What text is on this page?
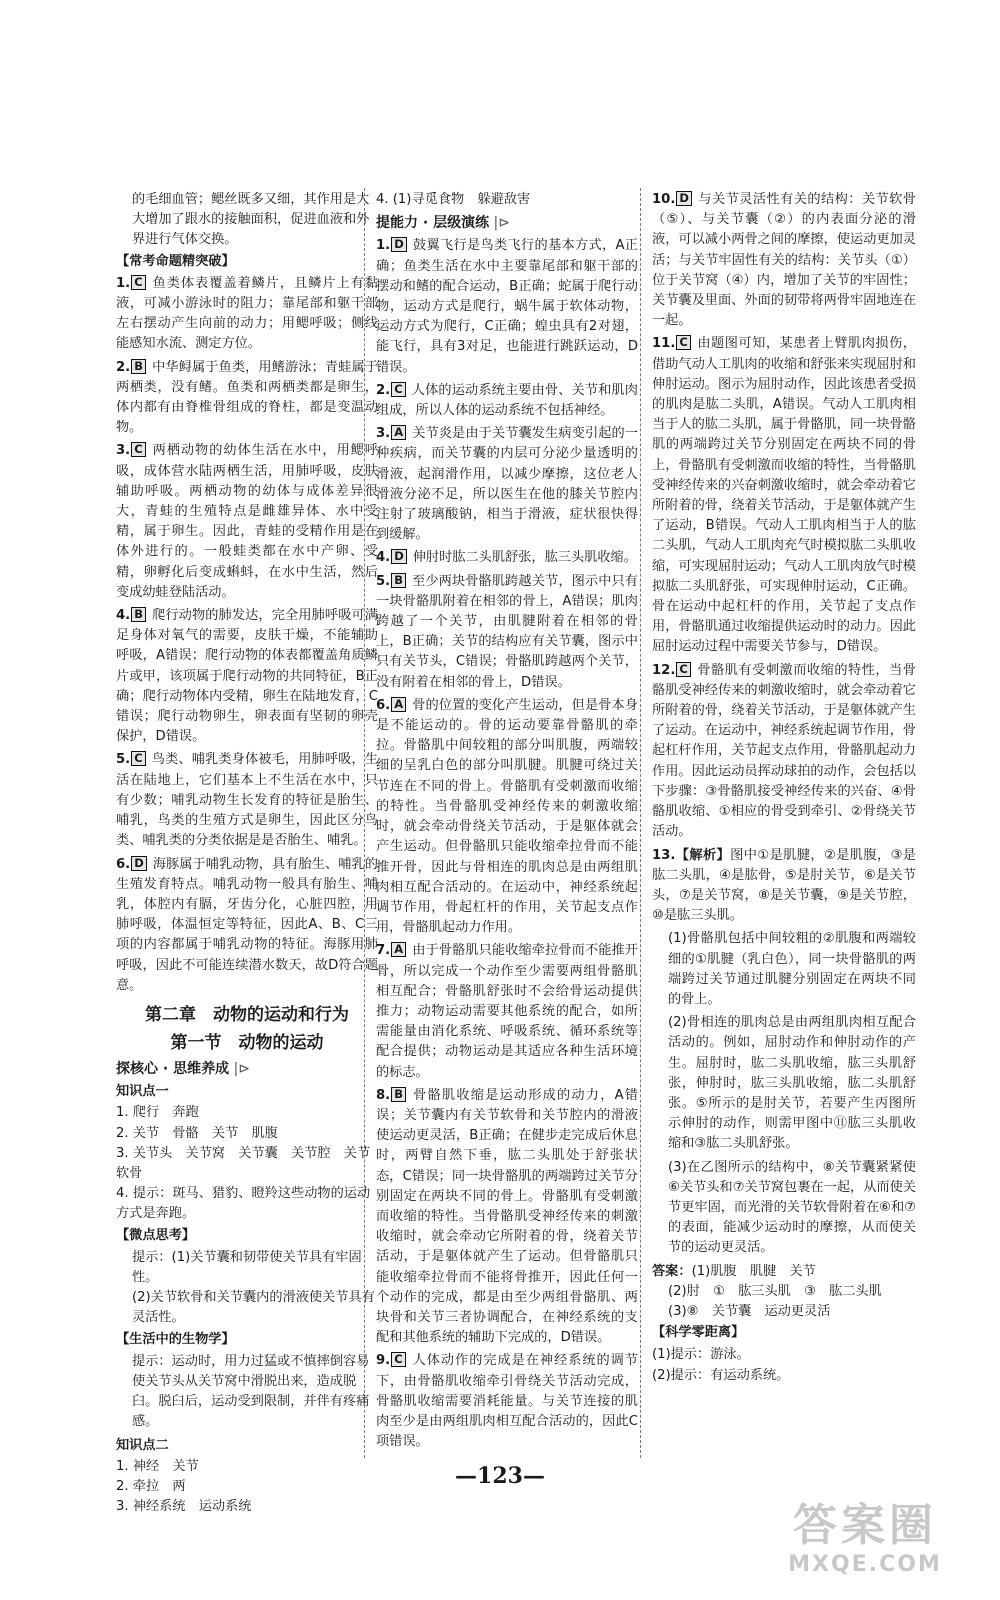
的毛细血管；鳃丝既多又细，其作用是大

大增加了跟水的接触面积，促进血液和外

界进行气体交换。

【常考命题精突破】

1. C 鱼类体表覆盖着鳞片，且鳞片上有黏液，可减小游泳时的阻力；靠尾部和躯干部左右摆动产生向前的动力；用鳃呼吸；侧线能感知水流、测定方位。

2. B 中华鲟属于鱼类，用鳍游泳；青蛙属于两栖类，没有鳍。鱼类和两栖类都是卵生，体内都有由脊椎骨组成的脊柱，都是变温动物。

3. C 两栖动物的幼体生活在水中，用鳃呼吸，成体营水陆两栖生活，用肺呼吸，皮肤辅助呼吸。两栖动物的幼体与成体差异很大，青蛙的生殖特点是雌雄异体、水中受精，属于卵生。因此，青蛙的受精作用是在体外进行的。一般蛙类都在水中产卵、受精，卵孵化后变成蝌蚪，在水中生活，然后变成幼蛙登陆活动。

4. B 爬行动物的肺发达，完全用肺呼吸可满足身体对氧气的需要，皮肤干燥，不能辅助呼吸，A错误；爬行动物的体表都覆盖角质鳞片或甲，该项属于爬行动物的共同特征，B正确；爬行动物体内受精，卵生在陆地发育，C错误；爬行动物卵生，卵表面有坚韧的卵壳保护，D错误。

5. C 鸟类、哺乳类身体被毛，用肺呼吸，生活在陆地上，它们基本上不生活在水中，只有少数；哺乳动物生长发育的特征是胎生、哺乳，鸟类的生殖方式是卵生，因此区分鸟类、哺乳类的分类依据是是否胎生、哺乳。

6. D 海豚属于哺乳动物，具有胎生、哺乳的生殖发育特点。哺乳动物一般具有胎生、哺乳，体腔内有膈，牙齿分化，心脏四腔，用肺呼吸，体温恒定等特征，因此A、B、C三项的内容都属于哺乳动物的特征。海豚用肺呼吸，因此不可能连续潜水数天，故D符合题意。

第二章　动物的运动和行为

第一节　动物的运动

探核心 · 思维养成 |⊳

知识点一

1. 爬行　奔跑

2. 关节　骨骼　关节　肌腹

3. 关节头　关节窝　关节囊　关节腔　关节软骨

4. 提示：斑马、猎豹、瞪羚这些动物的运动方式是奔跑。

【微点思考】

提示：(1)关节囊和韧带使关节具有牢固性。

(2)关节软骨和关节囊内的滑液使关节具有灵活性。

【生活中的生物学】

提示：运动时，用力过猛或不慎摔倒容易使关节头从关节窝中滑脱出来，造成脱臼。脱臼后，运动受到限制，并伴有疼痛感。

知识点二

1. 神经　关节

2. 牵拉　两

3. 神经系统　运动系统

4. (1)寻觅食物　躲避敌害

提能力 · 层级演练 |⊳

1. D 鼓翼飞行是鸟类飞行的基本方式，A正确；鱼类生活在水中主要靠尾部和躯干部的摆动和鳍的配合运动，B正确；蛇属于爬行动物，运动方式是爬行，蜗牛属于软体动物，运动方式为爬行，C正确；蝗虫具有2对翅，能飞行，具有3对足，也能进行跳跃运动，D错误。

2. C 人体的运动系统主要由骨、关节和肌肉组成，所以人体的运动系统不包括神经。

3. A 关节炎是由于关节囊发生病变引起的一种疾病，而关节囊的内层可分泌少量透明的滑液，起润滑作用，以减少摩擦，这位老人滑液分泌不足，所以医生在他的膝关节腔内注射了玻璃酸钠，相当于滑液，症状很快得到缓解。

4. D 伸肘时肱二头肌舒张，肱三头肌收缩。

5. B 至少两块骨骼肌跨越关节，图示中只有一块骨骼肌附着在相邻的骨上，A错误；肌肉跨越了一个关节，由肌腱附着在相邻的骨上，B正确；关节的结构应有关节囊，图示中只有关节头，C错误；骨骼肌跨越两个关节，没有附着在相邻的骨上，D错误。

6. A 骨的位置的变化产生运动，但是骨本身是不能运动的。骨的运动要靠骨骼肌的牵拉。骨骼肌中间较粗的部分叫肌腹，两端较细的呈乳白色的部分叫肌腱。肌腱可绕过关节连在不同的骨上。骨骼肌有受刺激而收缩的特性。当骨骼肌受神经传来的刺激收缩时，就会牵动骨绕关节活动，于是躯体就会产生运动。但骨骼肌只能收缩牵拉骨而不能推开骨，因此与骨相连的肌肉总是由两组肌肉相互配合活动的。在运动中，神经系统起调节作用，骨起杠杆的作用，关节起支点作用，骨骼肌起动力作用。

7. A 由于骨骼肌只能收缩牵拉骨而不能推开骨，所以完成一个动作至少需要两组骨骼肌相互配合；骨骼肌舒张时不会给骨运动提供推力；动物运动需要其他系统的配合，如所需能量由消化系统、呼吸系统、循环系统等配合提供；动物运动是其适应各种生活环境的标志。

8. B 骨骼肌收缩是运动形成的动力，A错误；关节囊内有关节软骨和关节腔内的滑液使运动更灵活，B正确；在健步走完成后休息时，两臂自然下垂，肱二头肌处于舒张状态，C错误；同一块骨骼肌的两端跨过关节分别固定在两块不同的骨上。骨骼肌有受刺激而收缩的特性。当骨骼肌受神经传来的刺激收缩时，就会牵动它所附着的骨，绕着关节活动，于是躯体就产生了运动。但骨骼肌只能收缩牵拉骨而不能将骨推开，因此任何一个动作的完成，都是由至少两组骨骼肌、两块骨和关节三者协调配合，在神经系统的支配和其他系统的辅助下完成的，D错误。

9. C 人体动作的完成是在神经系统的调节下，由骨骼肌收缩牵引骨绕关节活动完成，骨骼肌收缩需要消耗能量。与关节连接的肌肉至少是由两组肌肉相互配合活动的，因此C项错误。

10. D 与关节灵活性有关的结构：关节软骨（⑤）、与关节囊（②）的内表面分泌的滑液，可以减小两骨之间的摩擦，使运动更加灵活；与关节牢固性有关的结构：关节头（①）位于关节窝（④）内，增加了关节的牢固性；关节囊及里面、外面的韧带将两骨牢固地连在一起。

11. C 由题图可知，某患者上臂肌肉损伤，借助气动人工肌肉的收缩和舒张来实现屈肘和伸肘运动。图示为屈肘动作，因此该患者受损的肌肉是肱二头肌，A错误。气动人工肌肉相当于人的肱二头肌，属于骨骼肌，同一块骨骼肌的两端跨过关节分别固定在两块不同的骨上，骨骼肌有受刺激而收缩的特性，当骨骼肌受神经传来的兴奋刺激收缩时，就会牵动着它所附着的骨，绕着关节活动，于是躯体就产生了运动，B错误。气动人工肌肉相当于人的肱二头肌，气动人工肌肉充气时模拟肱二头肌收缩，可实现屈肘运动；气动人工肌肉放气时模拟肱二头肌舒张，可实现伸肘运动，C正确。骨在运动中起杠杆的作用，关节起了支点作用，骨骼肌通过收缩提供运动时的动力。因此屈肘运动过程中需要关节参与，D错误。

12. C 骨骼肌有受刺激而收缩的特性，当骨骼肌受神经传来的刺激收缩时，就会牵动着它所附着的骨，绕着关节活动，于是躯体就产生了运动。在运动中，神经系统起调节作用，骨起杠杆作用，关节起支点作用，骨骼肌起动力作用。因此运动员挥动球拍的动作，会包括以下步骤：③骨骼肌接受神经传来的兴奋、④骨骼肌收缩、①相应的骨受到牵引、②骨绕关节活动。

13.【解析】图中①是肌腱，②是肌腹，③是肱二头肌，④是肱骨，⑤是肘关节，⑥是关节头，⑦是关节窝，⑧是关节囊，⑨是关节腔，⑩是肱三头肌。

(1)骨骼肌包括中间较粗的②肌腹和两端较细的①肌腱（乳白色），同一块骨骼肌的两端跨过关节通过肌腱分别固定在两块不同的骨上。

(2)骨相连的肌肉总是由两组肌肉相互配合活动的。例如，屈肘动作和伸肘动作的产生。屈肘时，肱二头肌收缩，肱三头肌舒张，伸肘时，肱三头肌收缩，肱二头肌舒张。⑤所示的是肘关节，若要产生丙图所示伸肘的动作，则需甲图中⑪肱三头肌收缩和③肱二头肌舒张。

(3)在乙图所示的结构中，⑧关节囊紧紧使⑥关节头和⑦关节窝包裹在一起，从而使关节更牢固，而光滑的关节软骨附着在⑥和⑦的表面，能减少运动时的摩擦，从而使关节的运动更灵活。

答案：(1)肌腹　肌腱　关节

(2)肘　①　肱三头肌　③　肱二头肌

(3)⑧　关节囊　运动更灵活

【科学零距离】

(1)提示：游泳。

(2)提示：有运动系统。

—123—
答案圈
MXQE.COM
